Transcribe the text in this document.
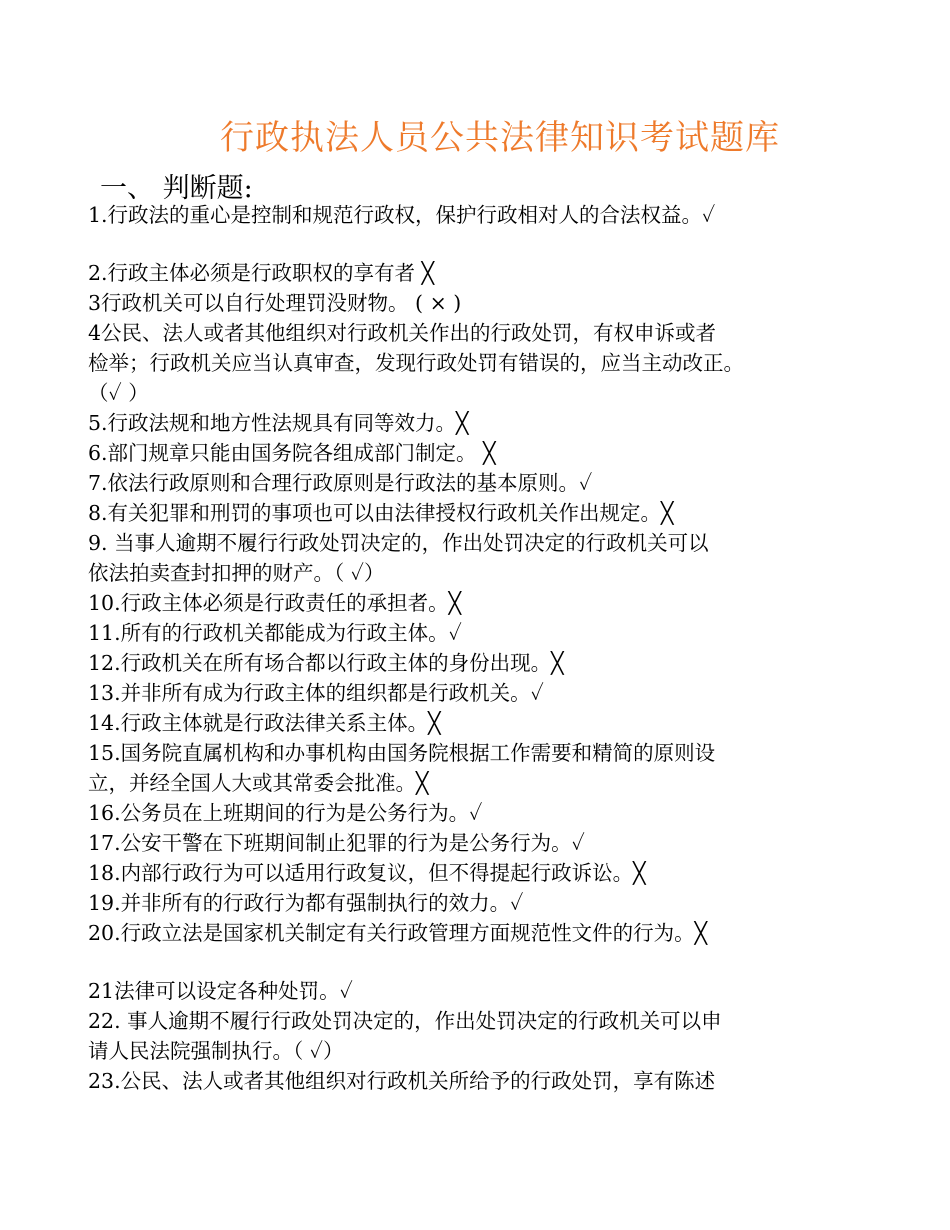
行政执法人员公共法律知识考试题库
一、 判断题:
1.行政法的重心是控制和规范行政权，保护行政相对人的合法权益。✓
2.行政主体必须是行政职权的享有者 ╳
3行政机关可以自行处理罚没财物。 ( × )
4公民、法人或者其他组织对行政机关作出的行政处罚，有权申诉或者
检举；行政机关应当认真审查，发现行政处罚有错误的，应当主动改正。
（✓ ）
5.行政法规和地方性法规具有同等效力。╳
6.部门规章只能由国务院各组成部门制定。 ╳
7.依法行政原则和合理行政原则是行政法的基本原则。✓
8.有关犯罪和刑罚的事项也可以由法律授权行政机关作出规定。╳
9. 当事人逾期不履行行政处罚决定的，作出处罚决定的行政机关可以
依法拍卖查封扣押的财产。（ ✓）
10.行政主体必须是行政责任的承担者。╳
11.所有的行政机关都能成为行政主体。✓
12.行政机关在所有场合都以行政主体的身份出现。╳
13.并非所有成为行政主体的组织都是行政机关。✓
14.行政主体就是行政法律关系主体。╳
15.国务院直属机构和办事机构由国务院根据工作需要和精简的原则设
立，并经全国人大或其常委会批准。╳
16.公务员在上班期间的行为是公务行为。✓
17.公安干警在下班期间制止犯罪的行为是公务行为。✓
18.内部行政行为可以适用行政复议，但不得提起行政诉讼。╳
19.并非所有的行政行为都有强制执行的效力。✓
20.行政立法是国家机关制定有关行政管理方面规范性文件的行为。╳
21法律可以设定各种处罚。✓
22. 事人逾期不履行行政处罚决定的，作出处罚决定的行政机关可以申
请人民法院强制执行。（ ✓）
23.公民、法人或者其他组织对行政机关所给予的行政处罚，享有陈述
